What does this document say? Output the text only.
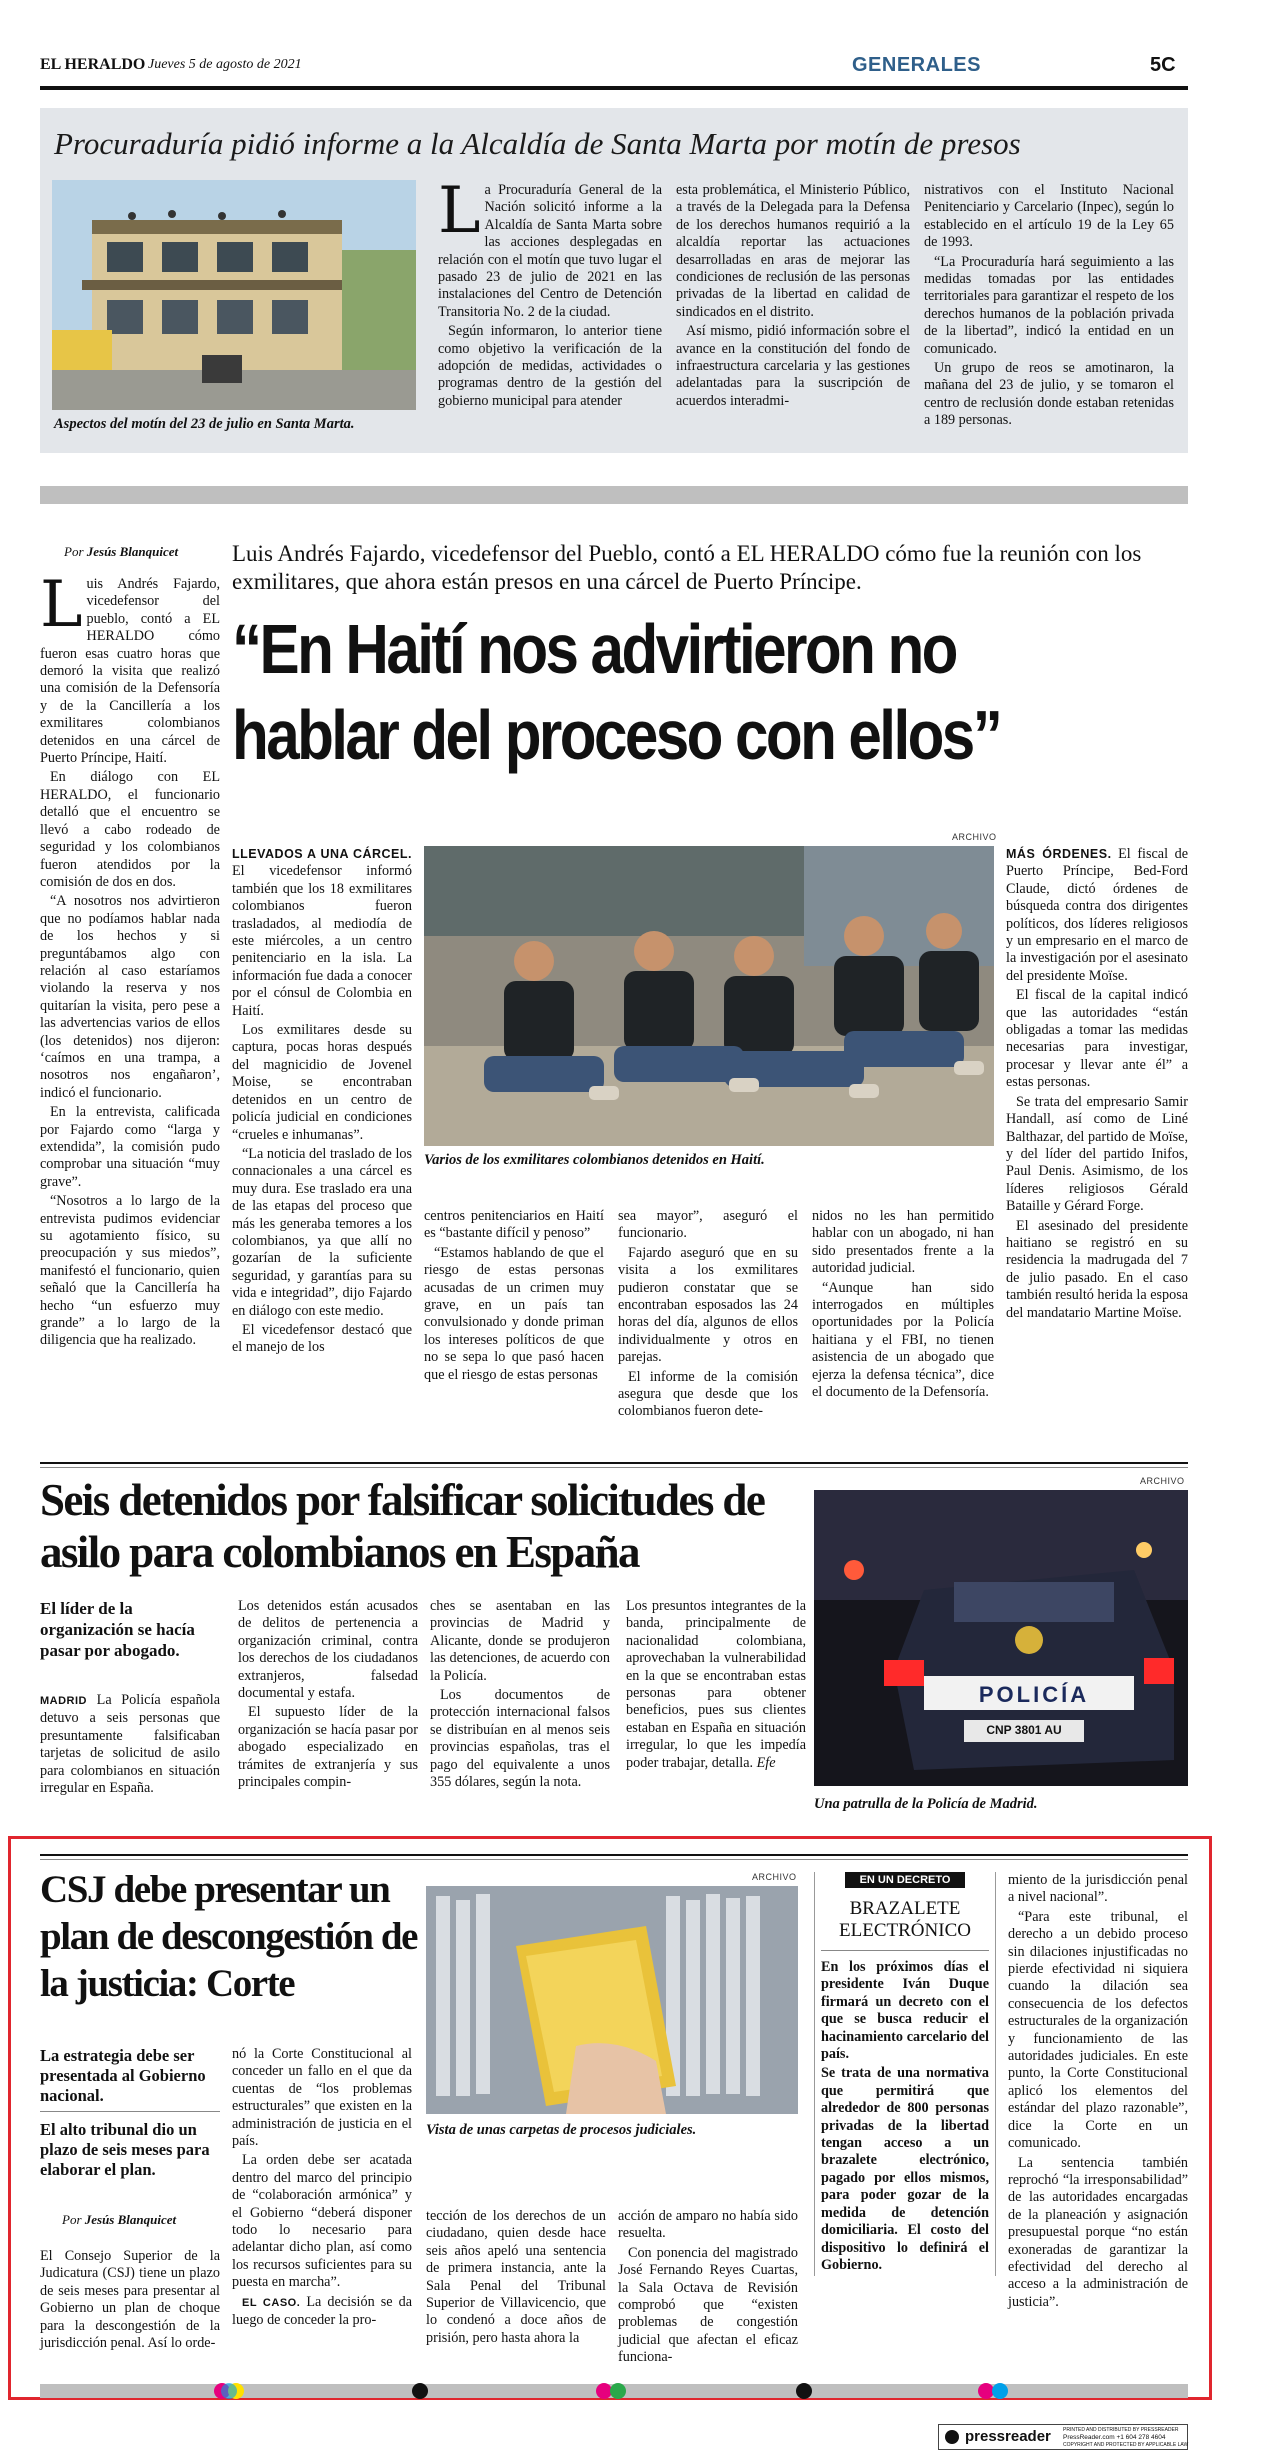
EL HERALDO Jueves 5 de agosto de 2021	GENERALES	5C
Procuraduría pidió informe a la Alcaldía de Santa Marta por motín de presos
Aspectos del motín del 23 de julio en Santa Marta.

La Procuraduría General de la Nación solicitó informe a la Alcaldía de Santa Marta sobre las acciones desplegadas en relación con el motín que tuvo lugar el pasado 23 de julio de 2021 en las instalaciones del Centro de Detención Transitoria No. 2 de la ciudad.

Según informaron, lo anterior tiene como objetivo la verificación de la adopción de medidas, actividades o programas dentro de la gestión del gobierno municipal para atender

esta problemática, el Ministerio Público, a través de la Delegada para la Defensa de los derechos humanos requirió a la alcaldía reportar las actuaciones desarrolladas en aras de mejorar las condiciones de reclusión de las personas privadas de la libertad en calidad de sindicados en el distrito.

Así mismo, pidió información sobre el avance en la constitución del fondo de infraestructura carcelaria y las gestiones adelantadas para la suscripción de acuerdos interadmi-

nistrativos con el Instituto Nacional Penitenciario y Carcelario (Inpec), según lo establecido en el artículo 19 de la Ley 65 de 1993.

“La Procuraduría hará seguimiento a las medidas tomadas por las entidades territoriales para garantizar el respeto de los derechos humanos de la población privada de la libertad”, indicó la entidad en un comunicado.

Un grupo de reos se amotinaron, la mañana del 23 de julio, y se tomaron el centro de reclusión donde estaban retenidas a 189 personas.

Por Jesús Blanquicet

Luis Andrés Fajardo, vicedefensor del pueblo, contó a EL HERALDO cómo fueron esas cuatro horas que demoró la visita que realizó una comisión de la Defensoría y de la Cancillería a los exmilitares colombianos detenidos en una cárcel de Puerto Príncipe, Haití.

En diálogo con EL HERALDO, el funcionario detalló que el encuentro se llevó a cabo rodeado de seguridad y los colombianos fueron atendidos por la comisión de dos en dos.

“A nosotros nos advirtieron que no podíamos hablar nada de los hechos y si preguntábamos algo con relación al caso estaríamos violando la reserva y nos quitarían la visita, pero pese a las advertencias varios de ellos (los detenidos) nos dijeron: ‘caímos en una trampa, a nosotros nos engañaron’, indicó el funcionario.

En la entrevista, calificada por Fajardo como “larga y extendida”, la comisión pudo comprobar una situación “muy grave”.

“Nosotros a lo largo de la entrevista pudimos evidenciar su agotamiento físico, su preocupación y sus miedos”, manifestó el funcionario, quien señaló que la Cancillería ha hecho “un esfuerzo muy grande” a lo largo de la diligencia que ha realizado.

Luis Andrés Fajardo, vicedefensor del Pueblo, contó a EL HERALDO cómo fue la reunión con los exmilitares, que ahora están presos en una cárcel de Puerto Príncipe.
“En Haití nos advirtieron no hablar del proceso con ellos”
ARCHIVO
Varios de los exmilitares colombianos detenidos en Haití.

LLEVADOS A UNA CÁRCEL. El vicedefensor informó también que los 18 exmilitares colombianos fueron trasladados, al mediodía de este miércoles, a un centro penitenciario en la isla. La información fue dada a conocer por el cónsul de Colombia en Haití.

Los exmilitares desde su captura, pocas horas después del magnicidio de Jovenel Moise, se encontraban detenidos en un centro de policía judicial en condiciones “crueles e inhumanas”.

“La noticia del traslado de los connacionales a una cárcel es muy dura. Ese traslado era una de las etapas del proceso que más les generaba temores a los colombianos, ya que allí no gozarían de la suficiente seguridad, y garantías para su vida e integridad”, dijo Fajardo en diálogo con este medio.

El vicedefensor destacó que el manejo de los

centros penitenciarios en Haití es “bastante difícil y penoso”

“Estamos hablando de que el riesgo de estas personas acusadas de un crimen muy grave, en un país tan convulsionado y donde priman los intereses políticos de que no se sepa lo que pasó hacen que el riesgo de estas personas

sea mayor”, aseguró el funcionario.

Fajardo aseguró que en su visita a los exmilitares pudieron constatar que se encontraban esposados las 24 horas del día, algunos de ellos individualmente y otros en parejas.

El informe de la comisión asegura que desde que los colombianos fueron dete-

nidos no les han permitido hablar con un abogado, ni han sido presentados frente a la autoridad judicial.

“Aunque han sido interrogados en múltiples oportunidades por la Policía haitiana y el FBI, no tienen asistencia de un abogado que ejerza la defensa técnica”, dice el documento de la Defensoría.

MÁS ÓRDENES. El fiscal de Puerto Príncipe, Bed-Ford Claude, dictó órdenes de búsqueda contra dos dirigentes políticos, dos líderes religiosos y un empresario en el marco de la investigación por el asesinato del presidente Moïse.

El fiscal de la capital indicó que las autoridades “están obligadas a tomar las medidas necesarias para investigar, procesar y llevar ante él” a estas personas.

Se trata del empresario Samir Handall, así como de Liné Balthazar, del partido de Moïse, y del líder del partido Inifos, Paul Denis. Asimismo, de los líderes religiosos Gérald Bataille y Gérard Forge.

El asesinado del presidente haitiano se registró en su residencia la madrugada del 7 de julio pasado. En el caso también resultó herida la esposa del mandatario Martine Moïse.

Seis detenidos por falsificar solicitudes de asilo para colombianos en España
El líder de la organización se hacía pasar por abogado.

MADRID La Policía española detuvo a seis personas que presuntamente falsificaban tarjetas de solicitud de asilo para colombianos en situación irregular en España.

Los detenidos están acusados de delitos de pertenencia a organización criminal, contra los derechos de los ciudadanos extranjeros, falsedad documental y estafa.

El supuesto líder de la organización se hacía pasar por abogado especializado en trámites de extranjería y sus principales compin-

ches se asentaban en las provincias de Madrid y Alicante, donde se produjeron las detenciones, de acuerdo con la Policía.

Los documentos de protección internacional falsos se distribuían en al menos seis provincias españolas, tras el pago del equivalente a unos 355 dólares, según la nota.

Los presuntos integrantes de la banda, principalmente de nacionalidad colombiana, aprovechaban la vulnerabilidad en la que se encontraban estas personas para obtener beneficios, pues sus clientes estaban en España en situación irregular, lo que les impedía poder trabajar, detalla. Efe

ARCHIVO
POLICÍA
CNP 3801 AU
Una patrulla de la Policía de Madrid.
CSJ debe presentar un plan de descongestión de la justicia: Corte
La estrategia debe ser presentada al Gobierno nacional.
El alto tribunal dio un plazo de seis meses para elaborar el plan.
Por Jesús Blanquicet

El Consejo Superior de la Judicatura (CSJ) tiene un plazo de seis meses para presentar al Gobierno un plan de choque para la descongestión de la jurisdicción penal. Así lo orde-

nó la Corte Constitucional al conceder un fallo en el que da cuentas de “los problemas estructurales” que existen en la administración de justicia en el país.

La orden debe ser acatada dentro del marco del principio de “colaboración armónica” y el Gobierno “deberá disponer todo lo necesario para adelantar dicho plan, así como los recursos suficientes para su puesta en marcha”.

EL CASO. La decisión se da luego de conceder la pro-

ARCHIVO
Vista de unas carpetas de procesos judiciales.

tección de los derechos de un ciudadano, quien desde hace seis años apeló una sentencia de primera instancia, ante la Sala Penal del Tribunal Superior de Villavicencio, que lo condenó a doce años de prisión, pero hasta ahora la

acción de amparo no había sido resuelta.

Con ponencia del magistrado José Fernando Reyes Cuartas, la Sala Octava de Revisión comprobó que “existen problemas de congestión judicial que afectan el eficaz funciona-

EN UN DECRETO
BRAZALETE ELECTRÓNICO

En los próximos días el presidente Iván Duque firmará un decreto con el que se busca reducir el hacinamiento carcelario del país.

Se trata de una normativa que permitirá que alrededor de 800 personas privadas de la libertad tengan acceso a un brazalete electrónico, pagado por ellos mismos, para poder gozar de la medida de detención domiciliaria. El costo del dispositivo lo definirá el Gobierno.

miento de la jurisdicción penal a nivel nacional”.

“Para este tribunal, el derecho a un debido proceso sin dilaciones injustificadas no pierde efectividad ni siquiera cuando la dilación sea consecuencia de los defectos estructurales de la organización y funcionamiento de las autoridades judiciales. En este punto, la Corte Constitucional aplicó los elementos del estándar del plazo razonable”, dice la Corte en un comunicado.

La sentencia también reprochó “la irresponsabilidad” de las autoridades encargadas de la planeación y asignación presupuestal porque “no están exoneradas de garantizar la efectividad del derecho al acceso a la administración de justicia”.

pressreader PRINTED AND DISTRIBUTED BY PRESSREADER
PressReader.com +1 604 278 4604
COPYRIGHT AND PROTECTED BY APPLICABLE LAW
